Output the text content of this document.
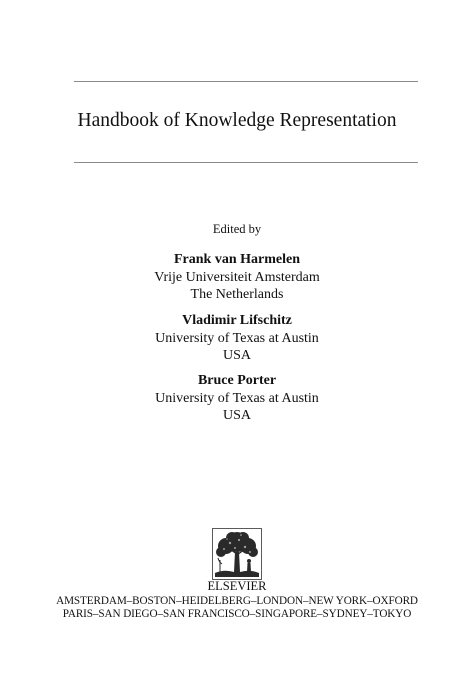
Handbook of Knowledge Representation
Edited by
Frank van Harmelen
Vrije Universiteit Amsterdam
The Netherlands
Vladimir Lifschitz
University of Texas at Austin
USA
Bruce Porter
University of Texas at Austin
USA
ELSEVIER
AMSTERDAM–BOSTON–HEIDELBERG–LONDON–NEW YORK–OXFORD
PARIS–SAN DIEGO–SAN FRANCISCO–SINGAPORE–SYDNEY–TOKYO
